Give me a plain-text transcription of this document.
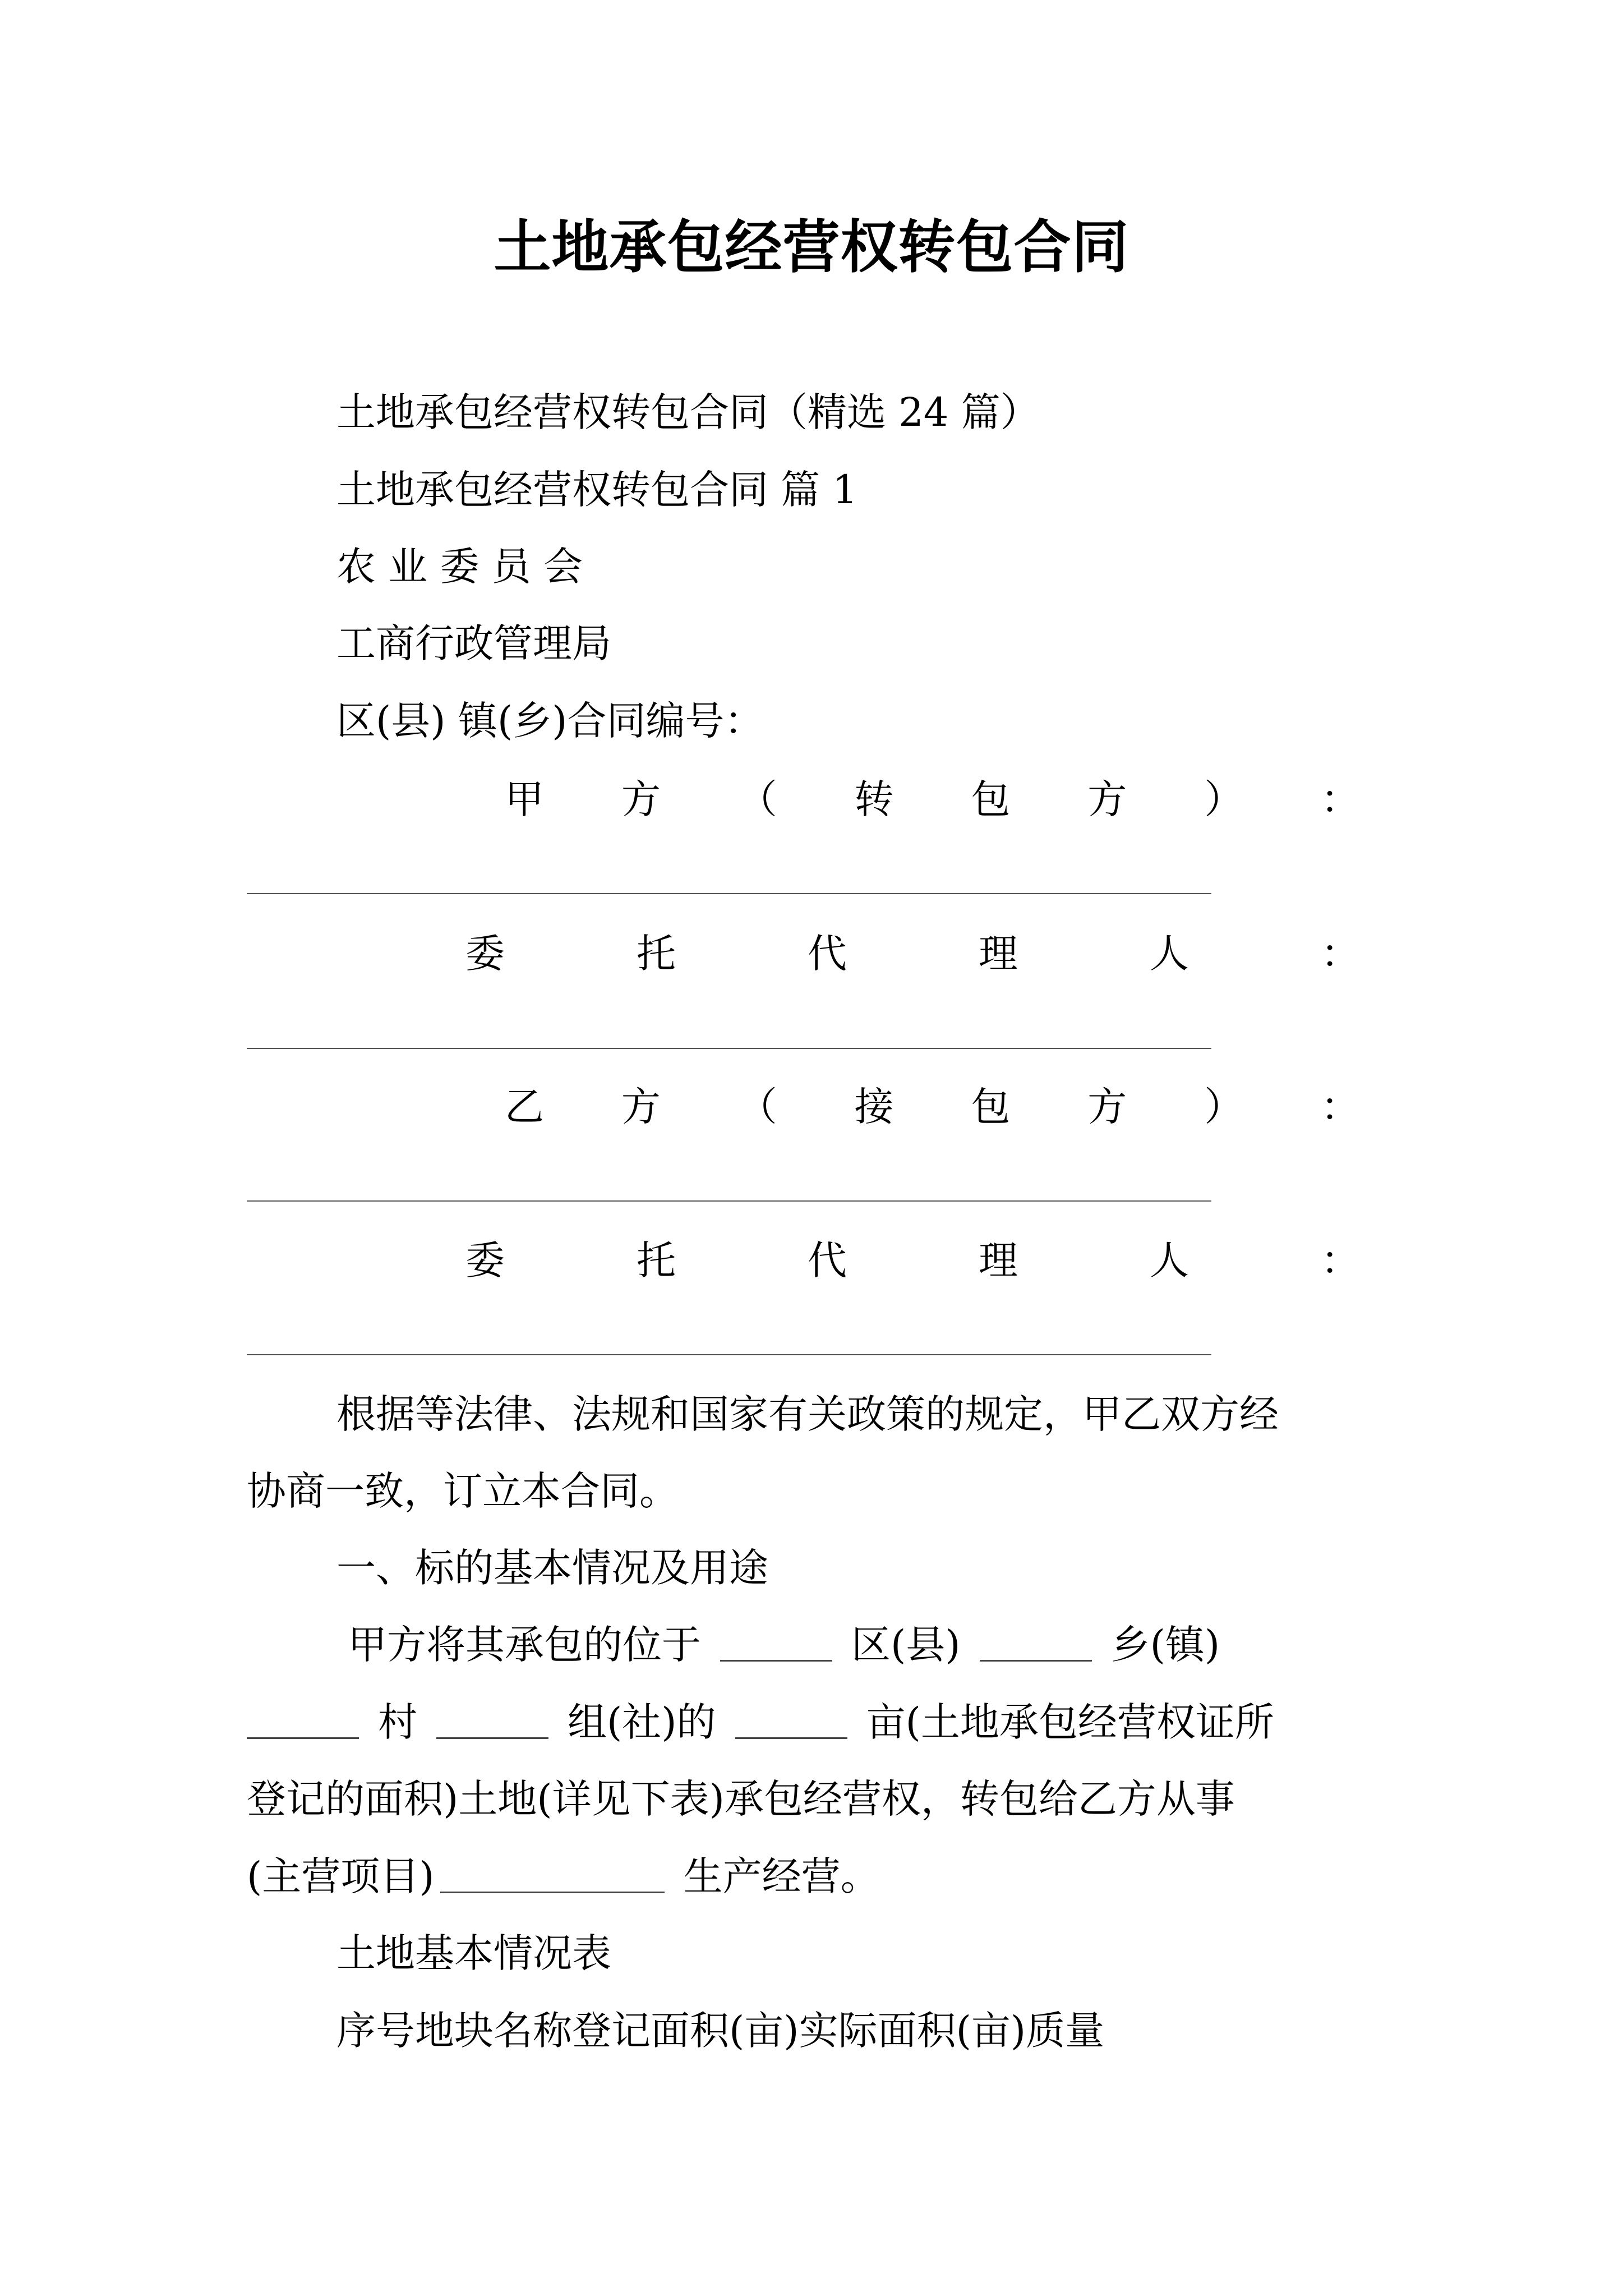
土地承包经营权转包合同
土地承包经营权转包合同（精选 24 篇）
土地承包经营权转包合同 篇 1
农 业 委 员 会
工商行政管理局
区(县) 镇(乡)合同编号：
甲 方 （ 转 包 方 ） ：
委	托	代	理	人	：
乙 方 （ 接 包 方 ） ：
委	托	代	理	人	：
根据等法律、法规和国家有关政策的规定，甲乙双方经
协商一致，订立本合同。
一、标的基本情况及用途
甲方将其承包的位于	区(县)	乡(镇)
村	组(社)的	亩(土地承包经营权证所
登记的面积)土地(详见下表)承包经营权，转包给乙方从事
(主营项目)	生产经营。
土地基本情况表
序号地块名称登记面积(亩)实际面积(亩)质量
